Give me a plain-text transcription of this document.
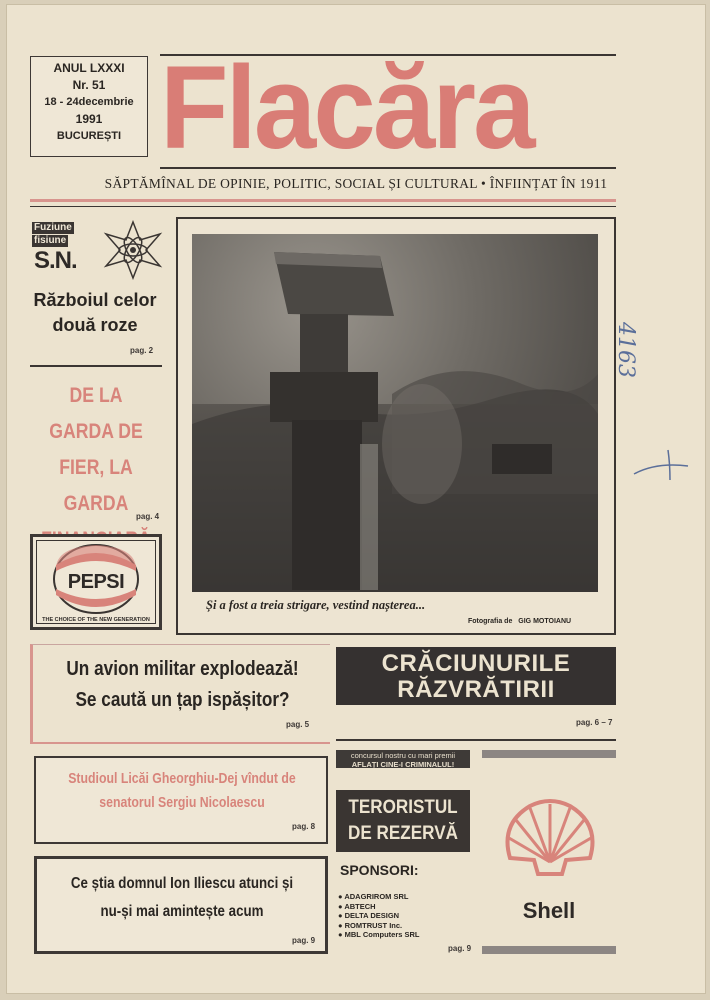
ANUL LXXXI
Nr. 51
18 - 24decembrie
1991
BUCUREȘTI Flacăra
SĂPTĂMÎNAL DE OPINIE, POLITIC, SOCIAL ȘI CULTURAL • ÎNFIINȚAT ÎN 1911
Fuziune
fisiune
S.N.
Războiul celor două roze
pag. 2
DE LA GARDA DE FIER, LA GARDA
pag. 4
PEPSI
THE CHOICE OF THE NEW GENERATION
Și a fost a treia strigare, vestind nașterea...
Fotografia de GIG MOTOIANU
4163
Un avion militar explodează! Se caută un țap ispășitor?
pag. 5
CRĂCIUNURILE
RĂZVRĂTIRII
pag. 6 – 7
Studioul Licăi Gheorghiu-Dej vîndut de senatorul Sergiu Nicolaescu
pag. 8
Ce știa domnul Ion Iliescu atunci și nu-și mai amintește acum
pag. 9
concursul nostru cu mari premii
AFLAȚI CINE-I CRIMINALUL!
TERORISTUL
DE REZERVĂ
SPONSORI:
● ADAGRIROM SRL
● ABTECH
● DELTA DESIGN
● ROMTRUST Inc.
● MBL Computers SRL
pag. 9
Shell
